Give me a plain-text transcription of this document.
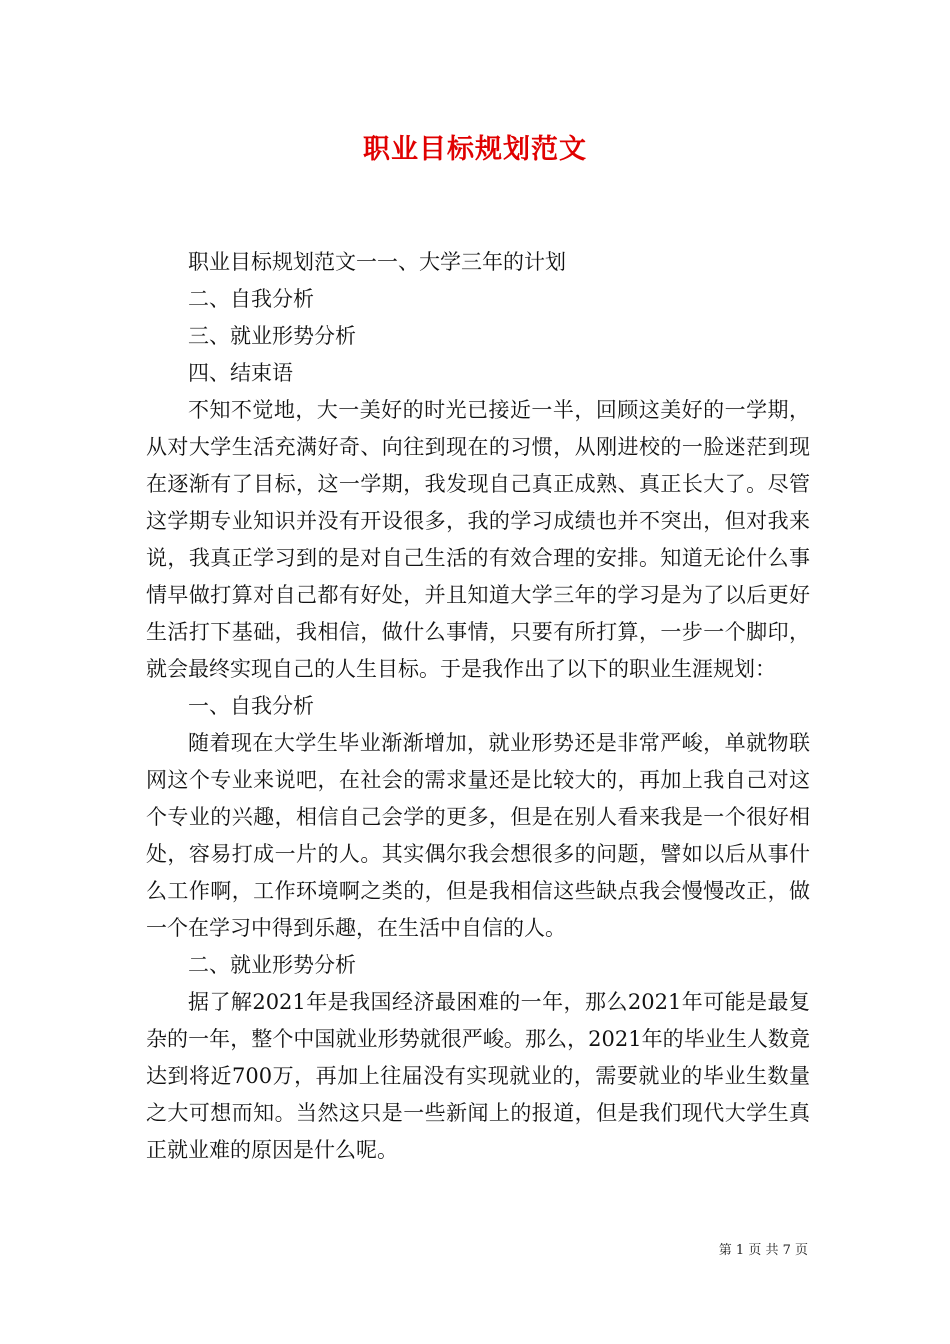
职业目标规划范文

职业目标规划范文一一、大学三年的计划

二、自我分析

三、就业形势分析

四、结束语

不知不觉地，大一美好的时光已接近一半，回顾这美好的一学期，从对大学生活充满好奇、向往到现在的习惯，从刚进校的一脸迷茫到现在逐渐有了目标，这一学期，我发现自己真正成熟、真正长大了。尽管这学期专业知识并没有开设很多，我的学习成绩也并不突出，但对我来说，我真正学习到的是对自己生活的有效合理的安排。知道无论什么事情早做打算对自己都有好处，并且知道大学三年的学习是为了以后更好生活打下基础，我相信，做什么事情，只要有所打算，一步一个脚印，就会最终实现自己的人生目标。于是我作出了以下的职业生涯规划：

一、自我分析

随着现在大学生毕业渐渐增加，就业形势还是非常严峻，单就物联网这个专业来说吧，在社会的需求量还是比较大的，再加上我自己对这个专业的兴趣，相信自己会学的更多，但是在别人看来我是一个很好相处，容易打成一片的人。其实偶尔我会想很多的问题，譬如以后从事什么工作啊，工作环境啊之类的，但是我相信这些缺点我会慢慢改正，做一个在学习中得到乐趣，在生活中自信的人。

二、就业形势分析

据了解2021年是我国经济最困难的一年，那么2021年可能是最复杂的一年，整个中国就业形势就很严峻。那么，2021年的毕业生人数竟达到将近700万，再加上往届没有实现就业的，需要就业的毕业生数量之大可想而知。当然这只是一些新闻上的报道，但是我们现代大学生真正就业难的原因是什么呢。

第 1 页 共 7 页
